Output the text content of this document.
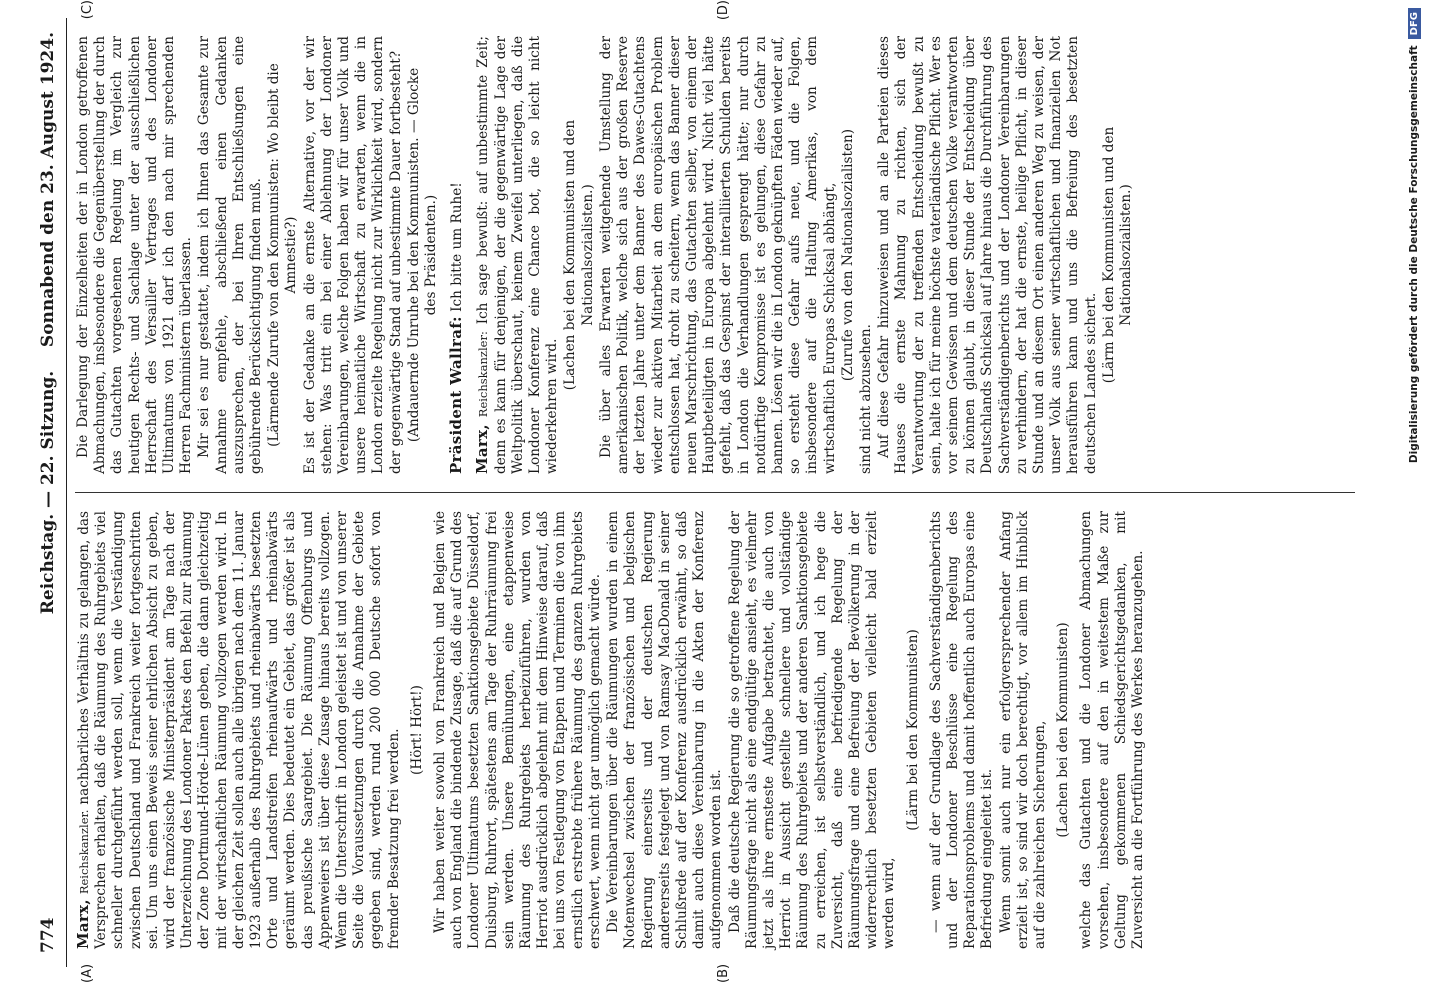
774
Reichstag. — 22. Sitzung.
Sonnabend den 23. August 1924.
(A)	(B)

Marx, Reichskanzler. nachbarliches Verhältnis zu gelangen, das Versprechen erhalten, daß die Räumung des Ruhrgebiets viel schneller durchgeführt werden soll, wenn die Verständigung zwischen Deutschland und Frankreich weiter fortgeschritten sei. Um uns einen Beweis seiner ehrlichen Absicht zu geben, wird der französische Ministerpräsident am Tage nach der Unterzeichnung des Londoner Paktes den Befehl zur Räumung der Zone Dortmund-Hörde-Lünen geben, die dann gleichzeitig mit der wirtschaftlichen Räumung vollzogen werden wird. In der gleichen Zeit sollen auch alle übrigen nach dem 11. Januar 1923 außerhalb des Ruhrgebiets und rheinabwärts besetzten Orte und Landstreifen rheinaufwärts und rheinabwärts geräumt werden. Dies bedeutet ein Gebiet, das größer ist als das preußische Saargebiet. Die Räumung Offenburgs und Appenweiers ist über diese Zusage hinaus bereits vollzogen. Wenn die Unterschrift in London geleistet ist und von unserer Seite die Voraussetzungen durch die Annahme der Gebiete gegeben sind, werden rund 200 000 Deutsche sofort von fremder Besatzung frei werden. (Hört! Hört!) Wir haben weiter sowohl von Frankreich und Belgien wie auch von England die bindende Zusage, daß die auf Grund des Londoner Ultimatums besetzten Sanktionsgebiete Düsseldorf, Duisburg, Ruhrort, spätestens am Tage der Ruhrräumung frei sein werden. Unsere Bemühungen, eine etappenweise Räumung des Ruhrgebiets herbeizuführen, wurden von Herriot ausdrücklich abgelehnt mit dem Hinweise darauf, daß bei uns von Festlegung von Etappen und Terminen die von ihm ernstlich erstrebte frühere Räumung des ganzen Ruhrgebiets erschwert, wenn nicht gar unmöglich gemacht würde. Die Vereinbarungen über die Räumungen wurden in einem Notenwechsel zwischen der französischen und belgischen Regierung einerseits und der deutschen Regierung andererseits festgelegt und von Ramsay MacDonald in seiner Schlußrede auf der Konferenz ausdrücklich erwähnt, so daß damit auch diese Vereinbarung in die Akten der Konferenz aufgenommen worden ist. Daß die deutsche Regierung die so getroffene Regelung der Räumungsfrage nicht als eine endgültige ansieht, es vielmehr jetzt als ihre ernsteste Aufgabe betrachtet, die auch von Herriot in Aussicht gestellte schnellere und vollständige Räumung des Ruhrgebiets und der anderen Sanktionsgebiete zu erreichen, ist selbstverständlich, und ich hege die Zuversicht, daß eine befriedigende Regelung der Räumungsfrage und eine Befreiung der Bevölkerung in der widerrechtlich besetzten Gebieten vielleicht bald erzielt werden wird,

(Lärm bei den Kommunisten) — wenn auf der Grundlage des Sachverständigenberichts und der Londoner Beschlüsse eine Regelung des Reparationsproblems und damit hoffentlich auch Europas eine Befriedung eingeleitet ist. Wenn somit auch nur ein erfolgversprechender Anfang erzielt ist, so sind wir doch berechtigt, vor allem im Hinblick auf die zahlreichen Sicherungen, (Lachen bei den Kommunisten) welche das Gutachten und die Londoner Abmachungen vorsehen, insbesondere auf den in weitestem Maße zur Geltung gekommenen Schiedsgerichtsgedanken, mit Zuversicht an die Fortführung des Werkes heranzugehen.

(C)	(D)

Die Darlegung der Einzelheiten der in London getroffenen Abmachungen, insbesondere die Gegenüberstellung der durch das Gutachten vorgesehenen Regelung im Vergleich zur heutigen Rechts- und Sachlage unter der ausschließlichen Herrschaft des Versailler Vertrages und des Londoner Ultimatums von 1921 darf ich den nach mir sprechenden Herren Fachministern überlassen. Mir sei es nur gestattet, indem ich Ihnen das Gesamte zur Annahme empfehle, abschließend einen Gedanken auszusprechen, der bei Ihren Entschließungen eine gebührende Berücksichtigung finden muß. (Lärmende Zurufe von den Kommunisten: Wo bleibt die Amnestie?) Es ist der Gedanke an die ernste Alternative, vor der wir stehen: Was tritt ein bei einer Ablehnung der Londoner Vereinbarungen, welche Folgen haben wir für unser Volk und unsere heimatliche Wirtschaft zu erwarten, wenn die in London erzielte Regelung nicht zur Wirklichkeit wird, sondern der gegenwärtige Stand auf unbestimmte Dauer fortbesteht? (Andauernde Unruhe bei den Kommunisten. — Glocke des Präsidenten.)

Präsident Wallraf: Ich bitte um Ruhe!

Marx, Reichskanzler: Ich sage bewußt: auf unbestimmte Zeit; denn es kann für denjenigen, der die gegenwärtige Lage der Weltpolitik überschaut, keinem Zweifel unterliegen, daß die Londoner Konferenz eine Chance bot, die so leicht nicht wiederkehren wird.

(Lachen bei den Kommunisten und den Nationalsozialisten.) Die über alles Erwarten weitgehende Umstellung der amerikanischen Politik, welche sich aus der großen Reserve der letzten Jahre unter dem Banner des Dawes-Gutachtens wieder zur aktiven Mitarbeit an dem europäischen Problem entschlossen hat, droht zu scheitern, wenn das Banner dieser neuen Marschrichtung, das Gutachten selber, von einem der Hauptbeteiligten in Europa abgelehnt wird. Nicht viel hätte gefehlt, daß das Gespinst der interalliierten Schulden bereits in London die Verhandlungen gesprengt hätte; nur durch notdürftige Kompromisse ist es gelungen, diese Gefahr zu bannen. Lösen wir die in London geknüpften Fäden wieder auf, so ersteht diese Gefahr aufs neue, und die Folgen, insbesondere auf die Haltung Amerikas, von dem wirtschaftlich Europas Schicksal abhängt, (Zurufe von den Nationalsozialisten)

sind nicht abzusehen. Auf diese Gefahr hinzuweisen und an alle Parteien dieses Hauses die ernste Mahnung zu richten, sich der Verantwortung der zu treffenden Entscheidung bewußt zu sein, halte ich für meine höchste vaterländische Pflicht. Wer es vor seinem Gewissen und dem deutschen Volke verantworten zu können glaubt, in dieser Stunde der Entscheidung über Deutschlands Schicksal auf Jahre hinaus die Durchführung des Sachverständigenberichts und der Londoner Vereinbarungen zu verhindern, der hat die ernste, heilige Pflicht, in dieser Stunde und an diesem Ort einen anderen Weg zu weisen, der unser Volk aus seiner wirtschaftlichen und finanziellen Not herausführen kann und uns die Befreiung des besetzten deutschen Landes sichert.

(Lärm bei den Kommunisten und den Nationalsozialisten.)	Digitalisierung gefördert durch die Deutsche Forschungsgemeinschaft
DFG
